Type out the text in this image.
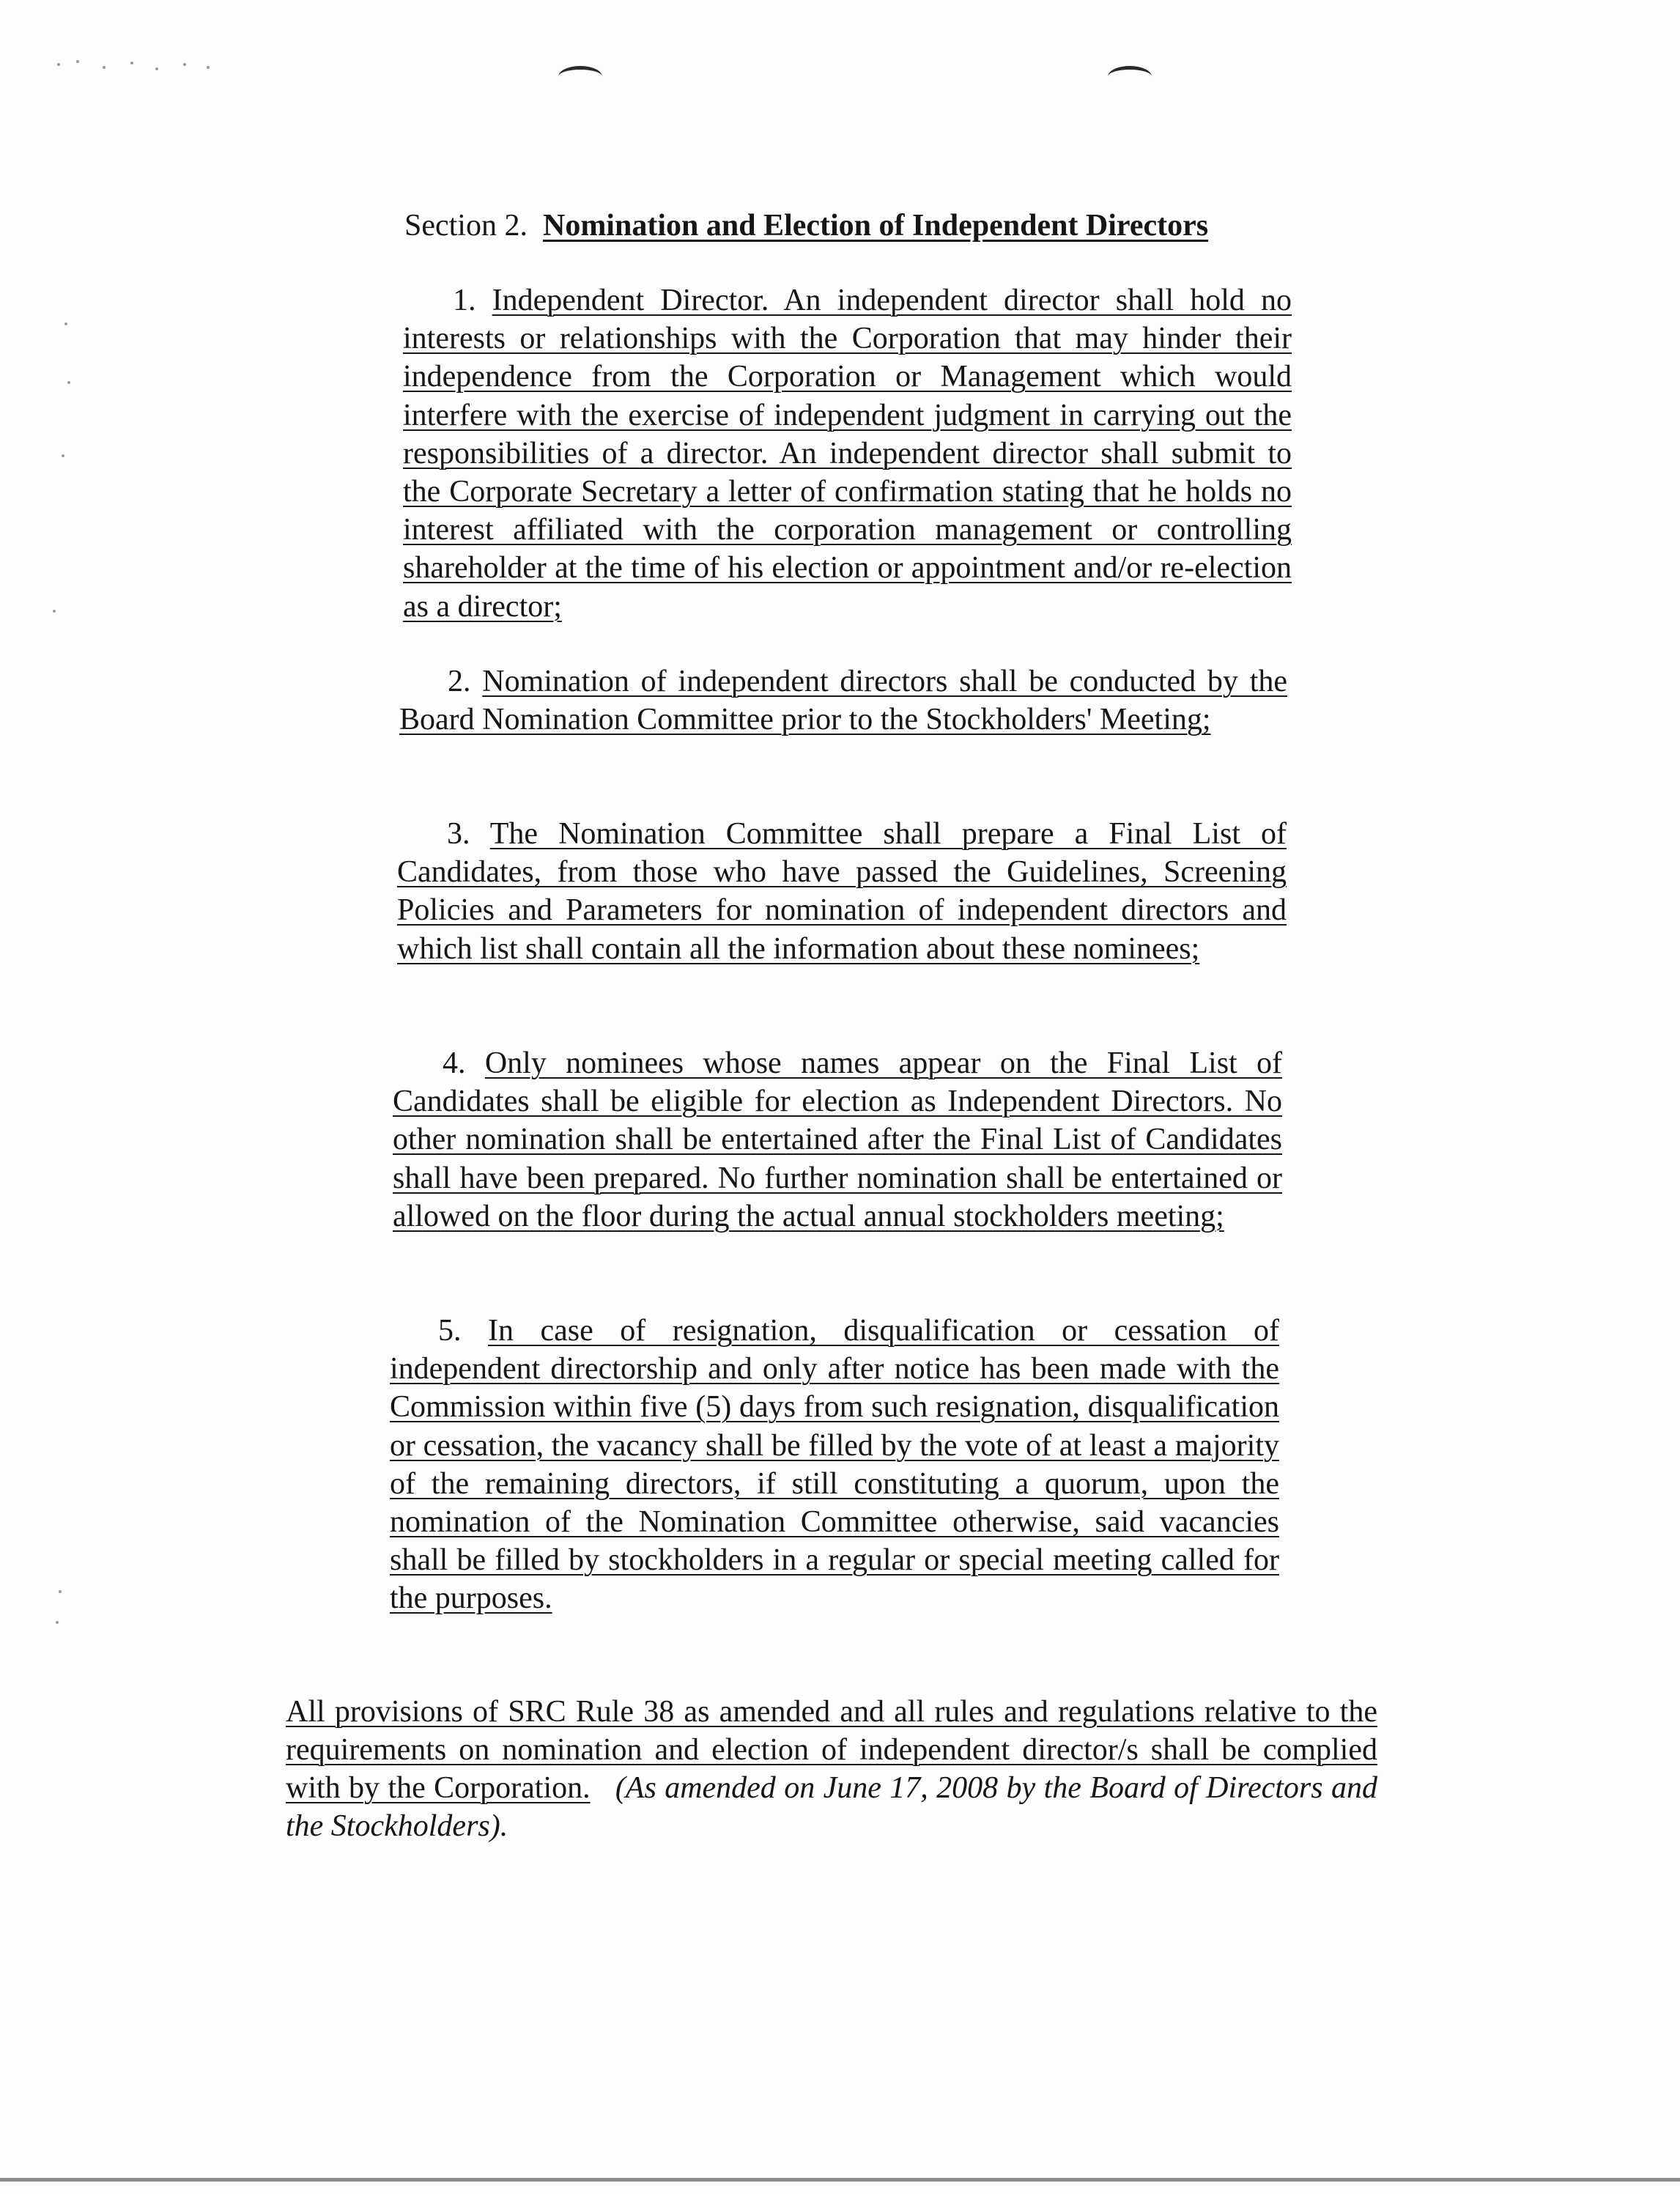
Section 2. Nomination and Election of Independent Directors
1. Independent Director. An independent director shall hold no interests or relationships with the Corporation that may hinder their independence from the Corporation or Management which would interfere with the exercise of independent judgment in carrying out the responsibilities of a director. An independent director shall submit to the Corporate Secretary a letter of confirmation stating that he holds no interest affiliated with the corporation management or controlling shareholder at the time of his election or appointment and/or re-election as a director;
2. Nomination of independent directors shall be conducted by the Board Nomination Committee prior to the Stockholders' Meeting;
3. The Nomination Committee shall prepare a Final List of Candidates, from those who have passed the Guidelines, Screening Policies and Parameters for nomination of independent directors and which list shall contain all the information about these nominees;
4. Only nominees whose names appear on the Final List of Candidates shall be eligible for election as Independent Directors. No other nomination shall be entertained after the Final List of Candidates shall have been prepared. No further nomination shall be entertained or allowed on the floor during the actual annual stockholders meeting;
5. In case of resignation, disqualification or cessation of independent directorship and only after notice has been made with the Commission within five (5) days from such resignation, disqualification or cessation, the vacancy shall be filled by the vote of at least a majority of the remaining directors, if still constituting a quorum, upon the nomination of the Nomination Committee otherwise, said vacancies shall be filled by stockholders in a regular or special meeting called for the purposes.
All provisions of SRC Rule 38 as amended and all rules and regulations relative to the requirements on nomination and election of independent director/s shall be complied with by the Corporation. (As amended on June 17, 2008 by the Board of Directors and the Stockholders).
